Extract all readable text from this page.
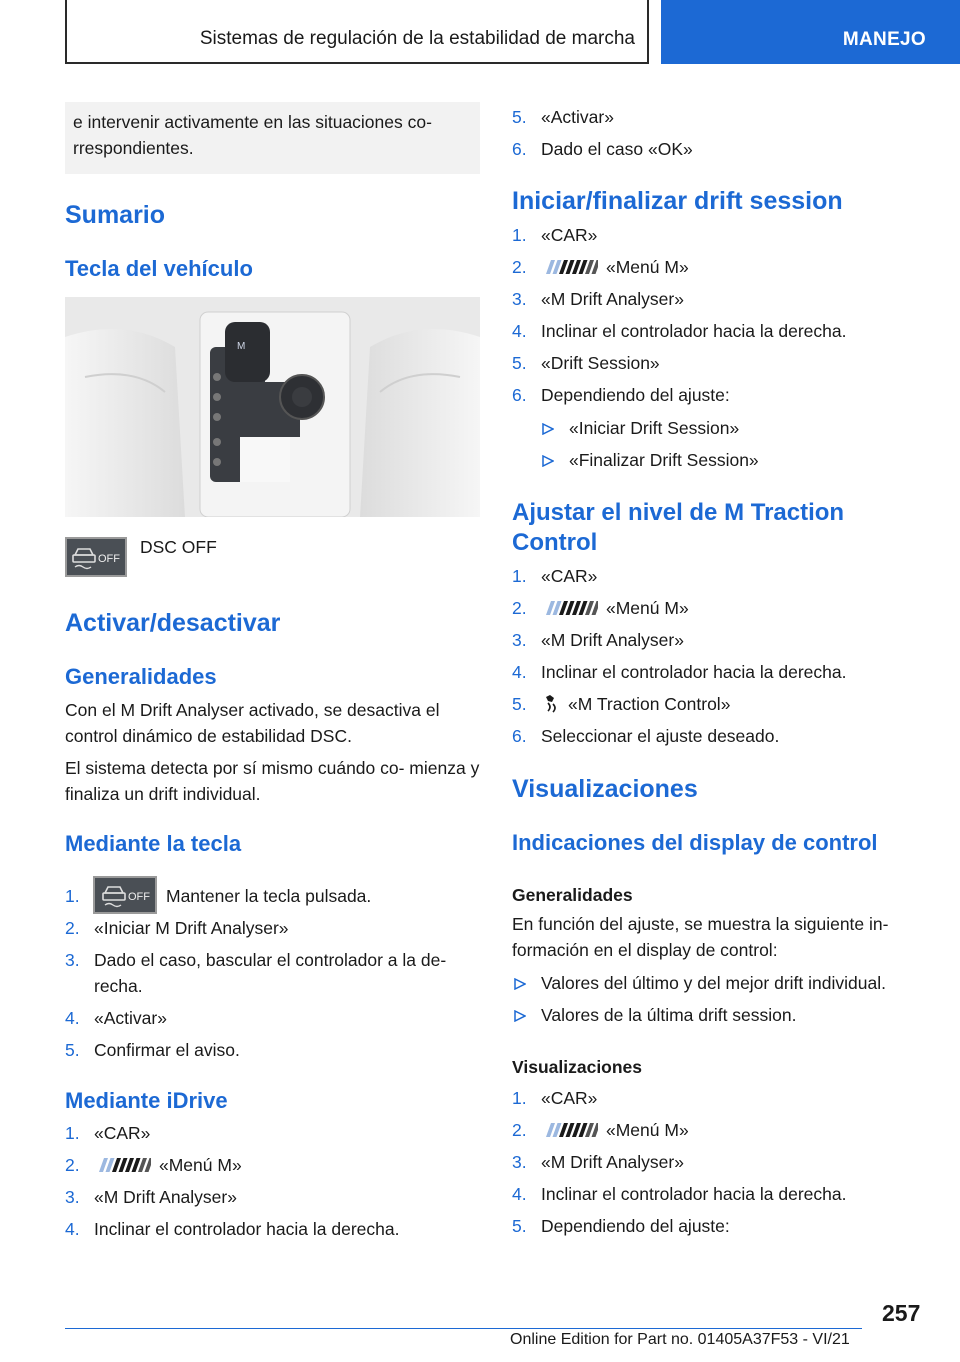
Sistemas de regulación de la estabilidad de marcha	MANEJO
e intervenir activamente en las situaciones co- rrespondientes.
Sumario
Tecla del vehículo
M
OFF
DSC OFF
Activar/desactivar
Generalidades
Con el M Drift Analyser activado, se desactiva el control dinámico de estabilidad DSC.
El sistema detecta por sí mismo cuándo co- mienza y finaliza un drift individual.
Mediante la tecla
1.	OFF Mantener la tecla pulsada.
2. «Iniciar M Drift Analyser»
3. Dado el caso, bascular el controlador a la de-
recha.
4. «Activar»
5. Confirmar el aviso.
Mediante iDrive
1. «CAR»
2.	«Menú M»
3. «M Drift Analyser»
4. Inclinar el controlador hacia la derecha.
5. «Activar»
6. Dado el caso «OK»
Iniciar/finalizar drift session
1. «CAR»
2.	«Menú M»
3. «M Drift Analyser»
4. Inclinar el controlador hacia la derecha.
5. «Drift Session»
6. Dependiendo del ajuste:
«Iniciar Drift Session»
«Finalizar Drift Session»
Ajustar el nivel de M Traction
Control
1. «CAR»
2.	«Menú M»
3. «M Drift Analyser»
4. Inclinar el controlador hacia la derecha.
5. «M Traction Control»
6. Seleccionar el ajuste deseado.
Visualizaciones
Indicaciones del display de control
Generalidades
En función del ajuste, se muestra la siguiente in- formación en el display de control:
Valores del último y del mejor drift individual.
Valores de la última drift session.
Visualizaciones
1. «CAR»
2.	«Menú M»
3. «M Drift Analyser»
4. Inclinar el controlador hacia la derecha.
5. Dependiendo del ajuste:
257
Online Edition for Part no. 01405A37F53 - VI/21
